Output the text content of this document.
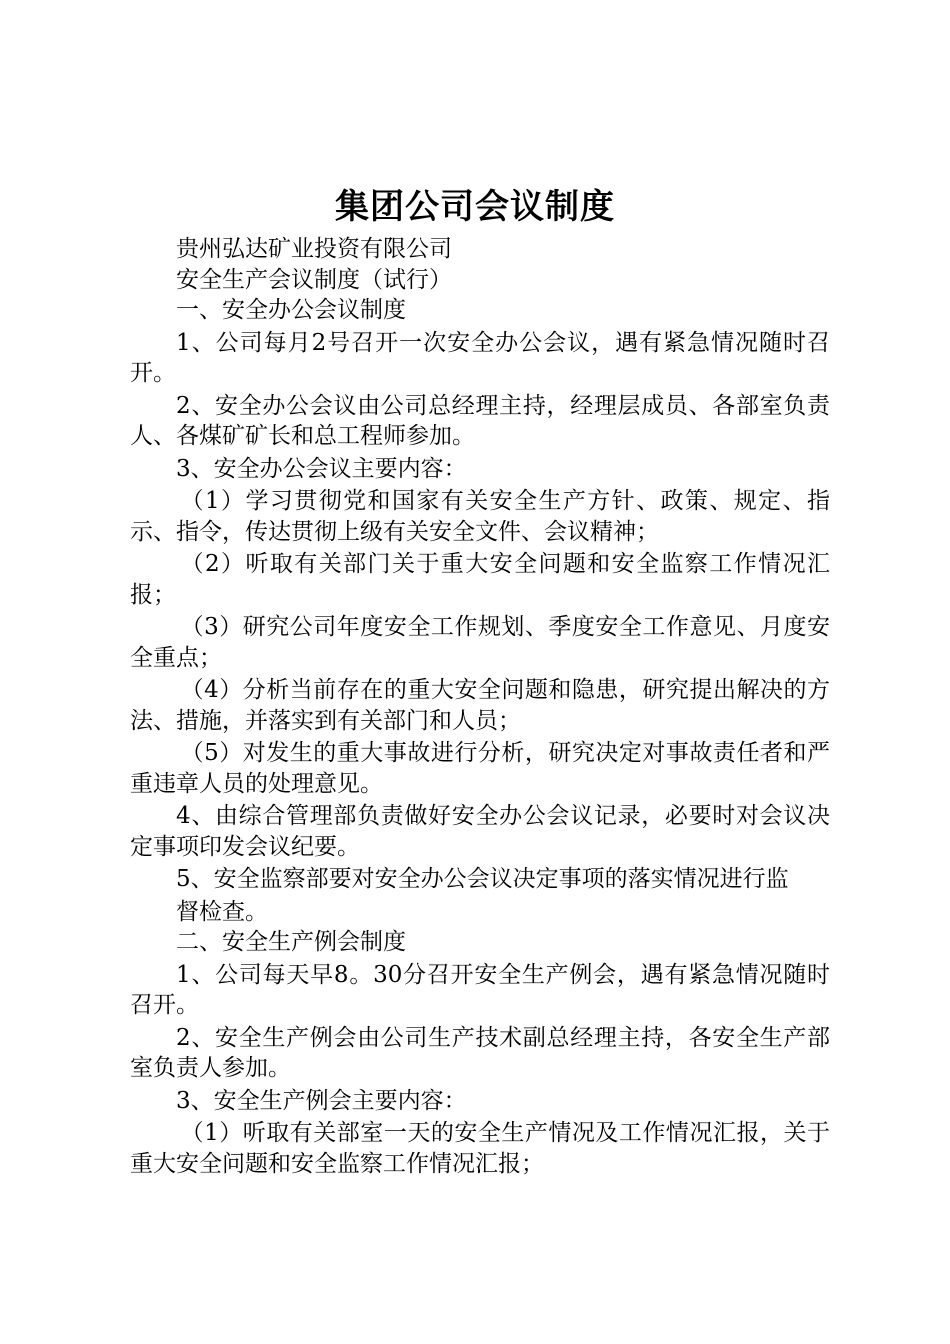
集团公司会议制度

贵州弘达矿业投资有限公司

安全生产会议制度（试行）

一、安全办公会议制度

1、公司每月2号召开一次安全办公会议，遇有紧急情况随时召开。

2、安全办公会议由公司总经理主持，经理层成员、各部室负责人、各煤矿矿长和总工程师参加。

3、安全办公会议主要内容：

（1）学习贯彻党和国家有关安全生产方针、政策、规定、指示、指令，传达贯彻上级有关安全文件、会议精神；

（2）听取有关部门关于重大安全问题和安全监察工作情况汇报；

（3）研究公司年度安全工作规划、季度安全工作意见、月度安全重点；

（4）分析当前存在的重大安全问题和隐患，研究提出解决的方法、措施，并落实到有关部门和人员；

（5）对发生的重大事故进行分析，研究决定对事故责任者和严重违章人员的处理意见。

4、由综合管理部负责做好安全办公会议记录，必要时对会议决定事项印发会议纪要。

5、安全监察部要对安全办公会议决定事项的落实情况进行监

督检查。

二、安全生产例会制度

1、公司每天早8。30分召开安全生产例会，遇有紧急情况随时召开。

2、安全生产例会由公司生产技术副总经理主持，各安全生产部室负责人参加。

3、安全生产例会主要内容：

（1）听取有关部室一天的安全生产情况及工作情况汇报，关于重大安全问题和安全监察工作情况汇报；
